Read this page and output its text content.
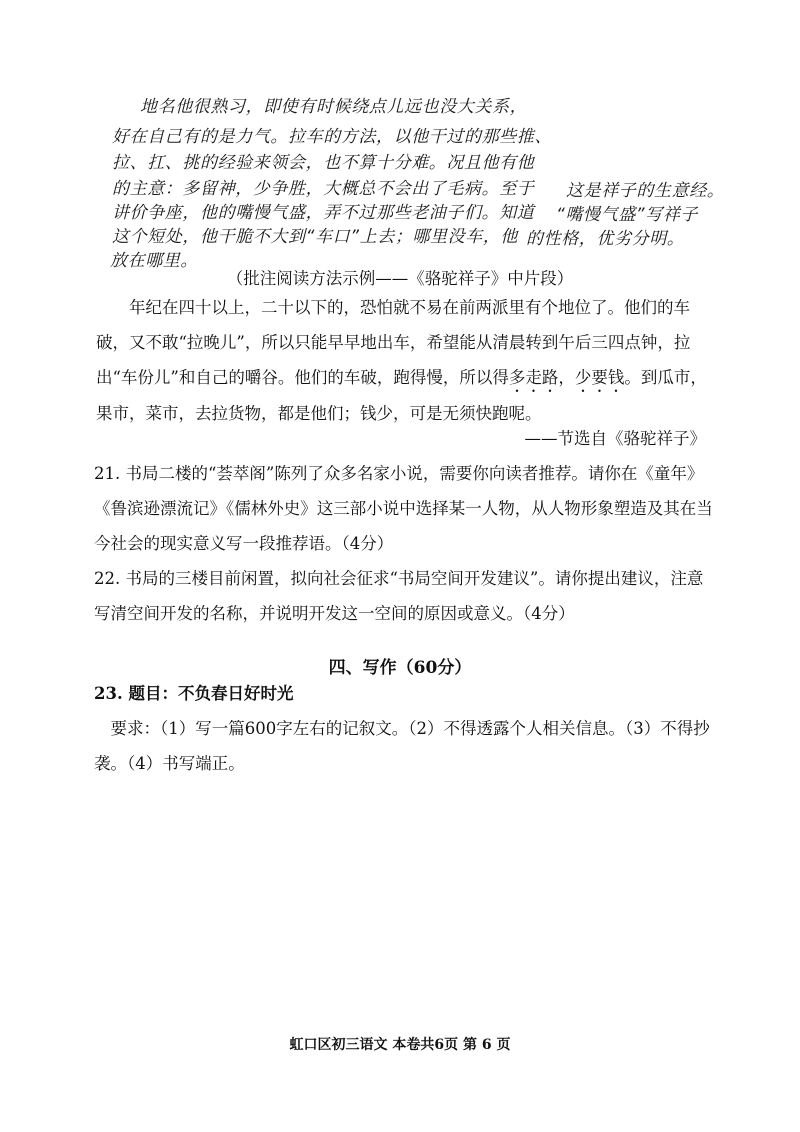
地名他很熟习，即使有时候绕点儿远也没大关系，
好在自己有的是力气。拉车的方法，以他干过的那些推、
拉、扛、挑的经验来领会，也不算十分难。况且他有他
的主意：多留神，少争胜，大概总不会出了毛病。至于
讲价争座，他的嘴慢气盛，弄不过那些老油子们。知道
这个短处，他干脆不大到“车口”上去；哪里没车，他
放在哪里。
这是祥子的生意经。
“嘴慢气盛”写祥子
的性格，优劣分明。
（批注阅读方法示例——《骆驼祥子》中片段）

年纪在四十以上，二十以下的，恐怕就不易在前两派里有个地位了。他们的车破，又不敢“拉晚儿”，所以只能早早地出车，希望能从清晨转到午后三四点钟，拉出“车份儿”和自己的嚼谷。他们的车破，跑得慢，所以得多走路，少要钱。到瓜市，果市，菜市，去拉货物，都是他们；钱少，可是无须快跑呢。

——节选自《骆驼祥子》

21. 书局二楼的“荟萃阁”陈列了众多名家小说，需要你向读者推荐。请你在《童年》《鲁滨逊漂流记》《儒林外史》这三部小说中选择某一人物，从人物形象塑造及其在当今社会的现实意义写一段推荐语。（4分）

22. 书局的三楼目前闲置，拟向社会征求“书局空间开发建议”。请你提出建议，注意写清空间开发的名称，并说明开发这一空间的原因或意义。（4分）

四、写作（60分）

23. 题目：不负春日好时光

要求：（1）写一篇600字左右的记叙文。（2）不得透露个人相关信息。（3）不得抄袭。（4）书写端正。

虹口区初三语文 本卷共6页 第 6 页
